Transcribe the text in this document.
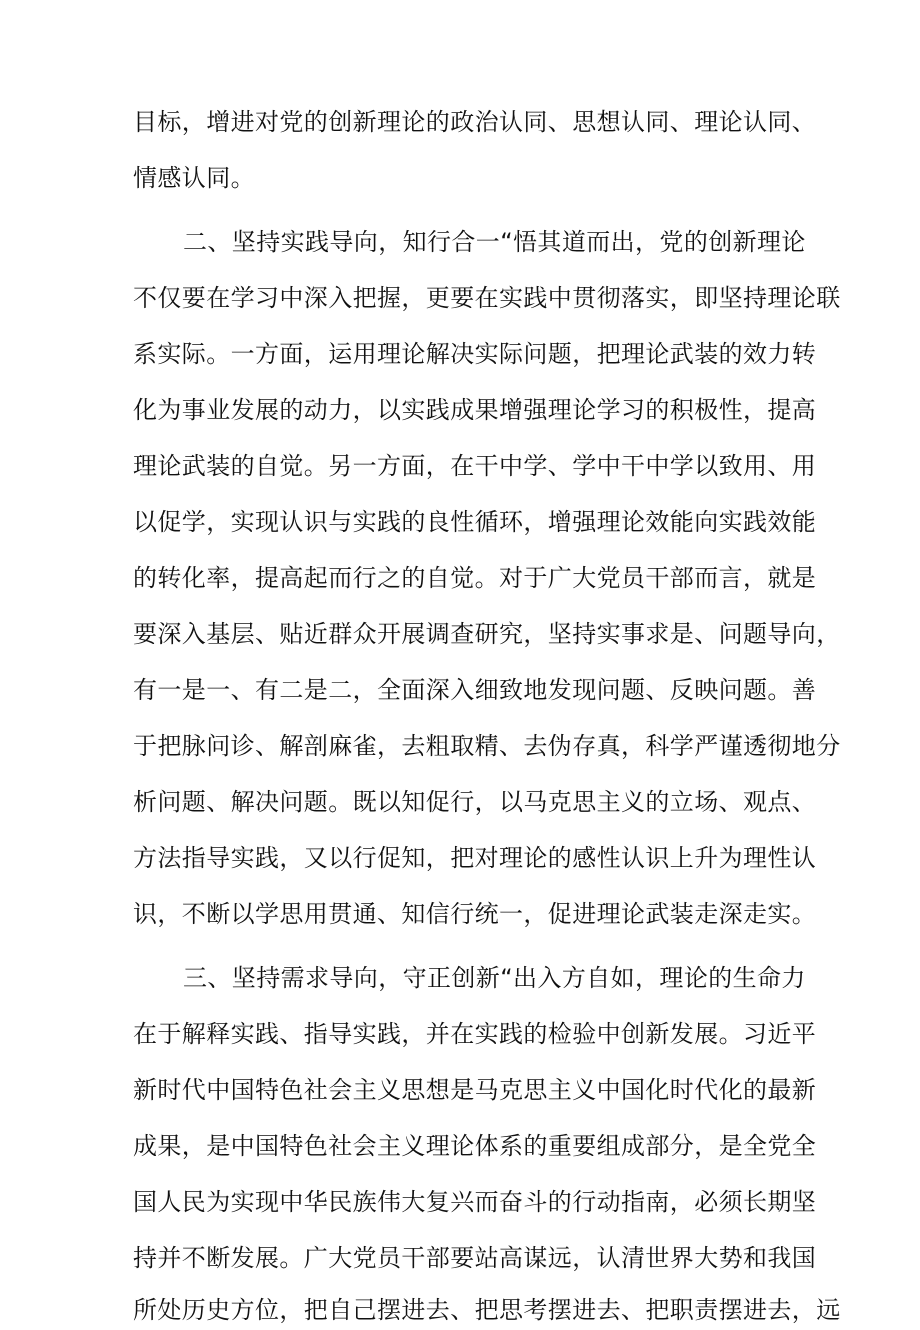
目标，增进对党的创新理论的政治认同、思想认同、理论认同、
情感认同。
二、坚持实践导向，知行合一“悟其道而出，党的创新理论
不仅要在学习中深入把握，更要在实践中贯彻落实，即坚持理论联
系实际。一方面，运用理论解决实际问题，把理论武装的效力转
化为事业发展的动力，以实践成果增强理论学习的积极性，提高
理论武装的自觉。另一方面，在干中学、学中干中学以致用、用
以促学，实现认识与实践的良性循环，增强理论效能向实践效能
的转化率，提高起而行之的自觉。对于广大党员干部而言，就是
要深入基层、贴近群众开展调查研究，坚持实事求是、问题导向，
有一是一、有二是二，全面深入细致地发现问题、反映问题。善
于把脉问诊、解剖麻雀，去粗取精、去伪存真，科学严谨透彻地分
析问题、解决问题。既以知促行，以马克思主义的立场、观点、
方法指导实践，又以行促知，把对理论的感性认识上升为理性认
识，不断以学思用贯通、知信行统一，促进理论武装走深走实。
三、坚持需求导向，守正创新“出入方自如，理论的生命力
在于解释实践、指导实践，并在实践的检验中创新发展。习近平
新时代中国特色社会主义思想是马克思主义中国化时代化的最新
成果，是中国特色社会主义理论体系的重要组成部分，是全党全
国人民为实现中华民族伟大复兴而奋斗的行动指南，必须长期坚
持并不断发展。广大党员干部要站高谋远，认清世界大势和我国
所处历史方位，把自己摆进去、把思考摆进去、把职责摆进去，远
